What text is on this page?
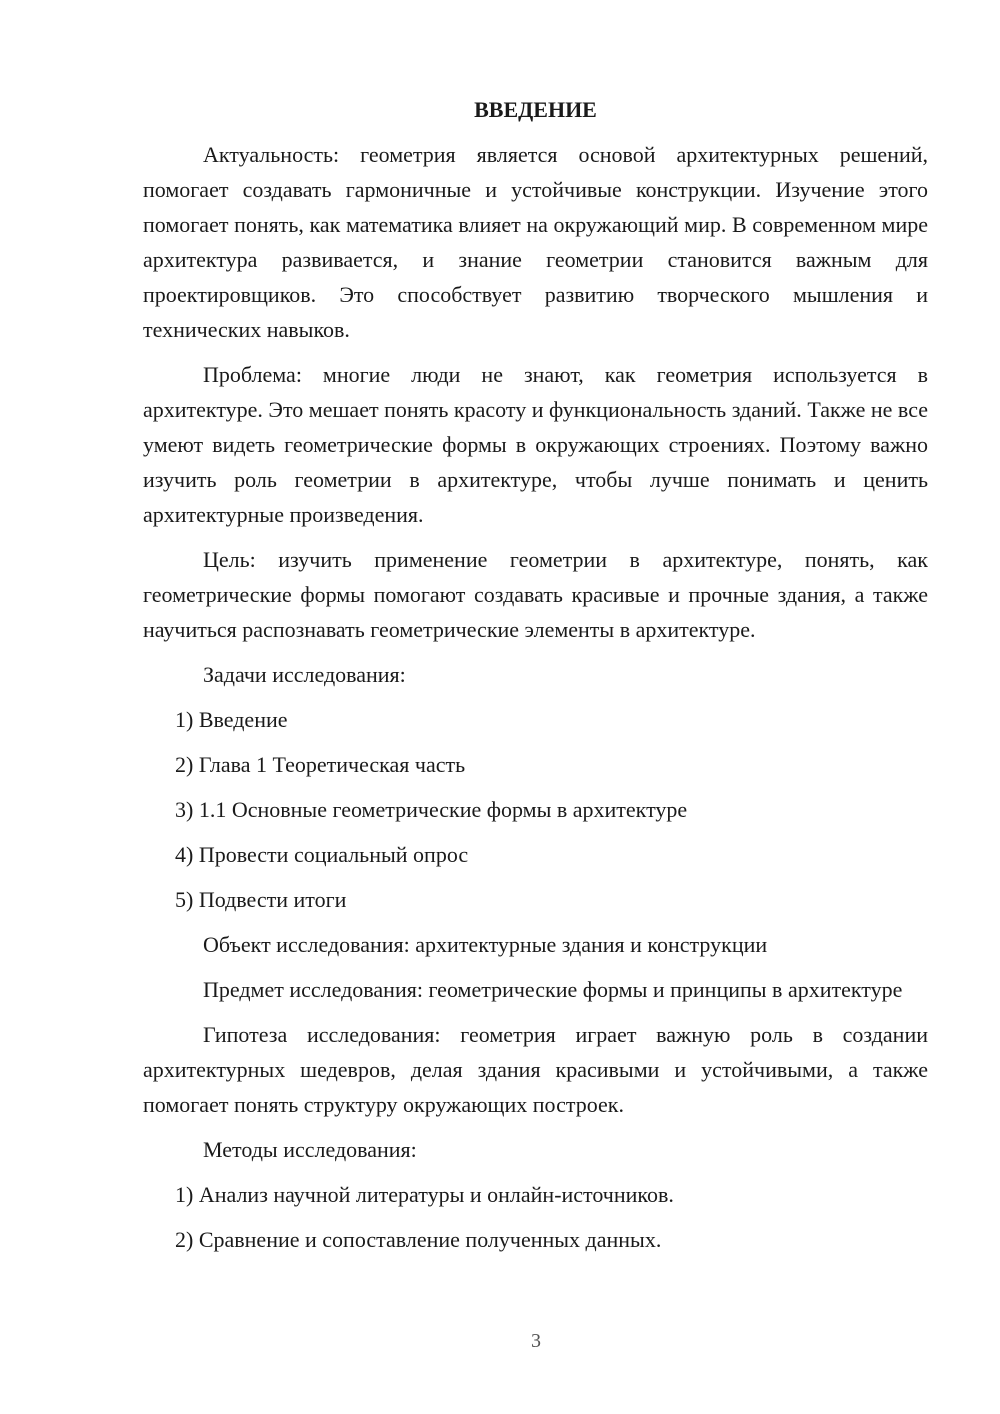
ВВЕДЕНИЕ

Актуальность: геометрия является основой архитектурных решений, помогает создавать гармоничные и устойчивые конструкции. Изучение этого помогает понять, как математика влияет на окружающий мир. В современном мире архитектура развивается, и знание геометрии становится важным для проектировщиков. Это способствует развитию творческого мышления и технических навыков.

Проблема: многие люди не знают, как геометрия используется в архитектуре. Это мешает понять красоту и функциональность зданий. Также не все умеют видеть геометрические формы в окружающих строениях. Поэтому важно изучить роль геометрии в архитектуре, чтобы лучше понимать и ценить архитектурные произведения.

Цель: изучить применение геометрии в архитектуре, понять, как геометрические формы помогают создавать красивые и прочные здания, а также научиться распознавать геометрические элементы в архитектуре.

Задачи исследования:
1) Введение
2) Глава 1 Теоретическая часть
3) 1.1 Основные геометрические формы в архитектуре
4) Провести социальный опрос
5) Подвести итоги
Объект исследования: архитектурные здания и конструкции

Предмет исследования: геометрические формы и принципы в архитектуре

Гипотеза исследования: геометрия играет важную роль в создании архитектурных шедевров, делая здания красивыми и устойчивыми, а также помогает понять структуру окружающих построек.

Методы исследования:
1) Анализ научной литературы и онлайн-источников.
2) Сравнение и сопоставление полученных данных.
3
